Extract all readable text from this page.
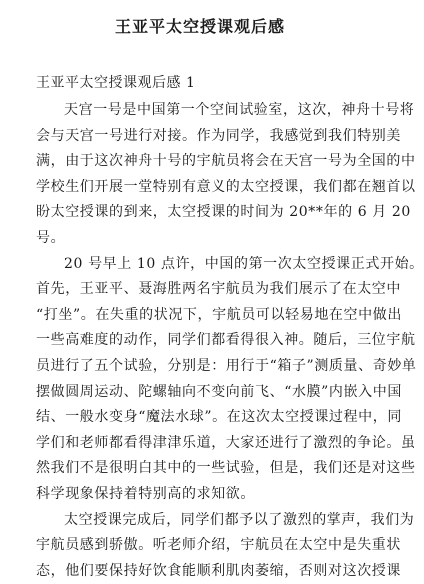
王亚平太空授课观后感
王亚平太空授课观后感 1
天宫一号是中国第一个空间试验室，这次，神舟十号将
会与天宫一号进行对接。作为同学，我感觉到我们特别美
满，由于这次神舟十号的宇航员将会在天宫一号为全国的中
学校生们开展一堂特别有意义的太空授课，我们都在翘首以
盼太空授课的到来，太空授课的时间为 20**年的 6 月 20
号。
20 号早上 10 点许，中国的第一次太空授课正式开始。
首先，王亚平、聂海胜两名宇航员为我们展示了在太空中
“打坐”。在失重的状况下，宇航员可以轻易地在空中做出
一些高难度的动作，同学们都看得很入神。随后，三位宇航
员进行了五个试验，分别是：用行于“箱子”测质量、奇妙单
摆做圆周运动、陀螺轴向不变向前飞、“水膜”内嵌入中国
结、一般水变身“魔法水球”。在这次太空授课过程中，同
学们和老师都看得津津乐道，大家还进行了激烈的争论。虽
然我们不是很明白其中的一些试验，但是，我们还是对这些
科学现象保持着特别高的求知欲。
太空授课完成后，同学们都予以了激烈的掌声，我们为
宇航员感到骄傲。听老师介绍，宇航员在太空中是失重状
态，他们要保持好饮食能顺利肌肉萎缩，否则对这次授课
